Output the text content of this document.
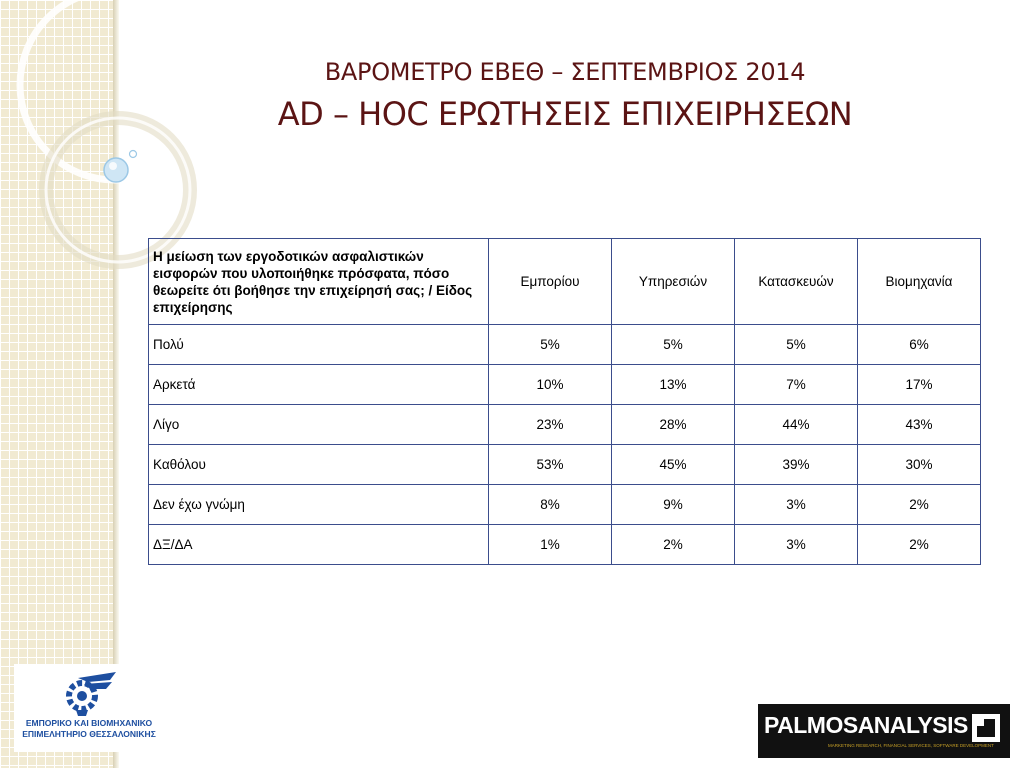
ΒΑΡΟΜΕΤΡΟ ΕΒΕΘ – ΣΕΠΤΕΜΒΡΙΟΣ 2014
AD – HOC ΕΡΩΤΗΣΕΙΣ ΕΠΙΧΕΙΡΗΣΕΩΝ
Η μείωση των εργοδοτικών ασφαλιστικών εισφορών που υλοποιήθηκε πρόσφατα, πόσο θεωρείτε ότι βοήθησε την επιχείρησή σας; / Είδος επιχείρησης	Εμπορίου	Υπηρεσιών	Κατασκευών	Βιομηχανία
Πολύ	5%	5%	5%	6%
Αρκετά	10%	13%	7%	17%
Λίγο	23%	28%	44%	43%
Καθόλου	53%	45%	39%	30%
Δεν έχω γνώμη	8%	9%	3%	2%
ΔΞ/ΔΑ	1%	2%	3%	2%
ΕΜΠΟΡΙΚΟ ΚΑΙ ΒΙΟΜΗΧΑΝΙΚΟ
ΕΠΙΜΕΛΗΤΗΡΙΟ ΘΕΣΣΑΛΟΝΙΚΗΣ	PALMOSANALYSIS
MARKETING RESEARCH, FINANCIAL SERVICES, SOFTWARE DEVELOPMENT
